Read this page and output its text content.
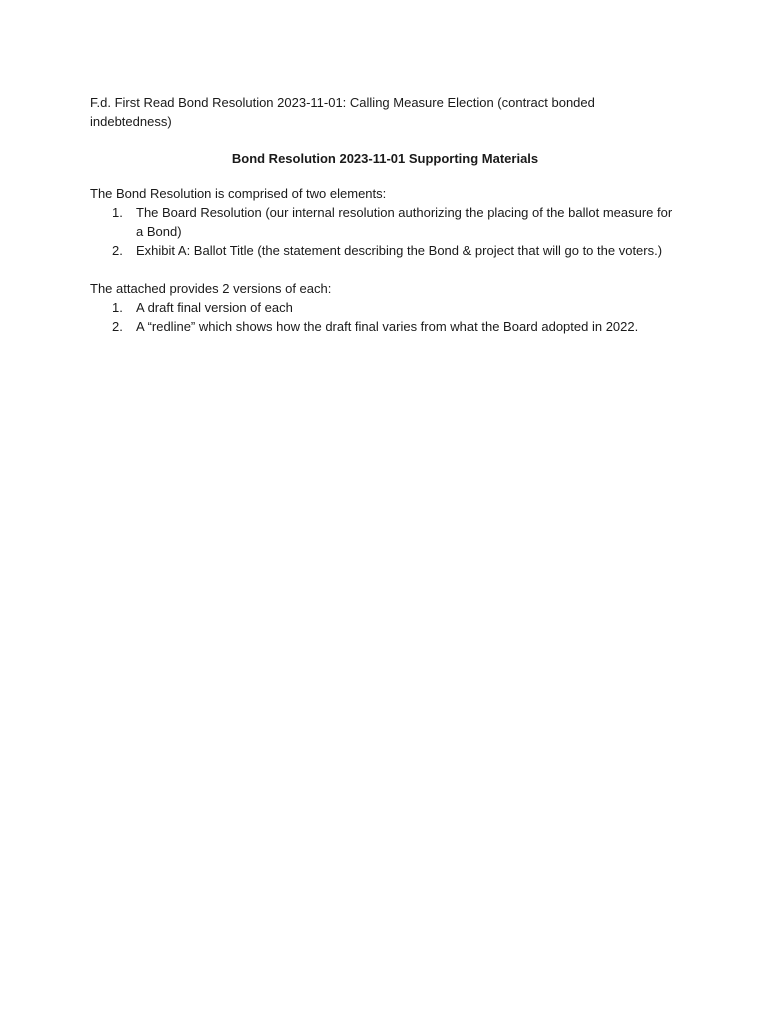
F.d. First Read Bond Resolution 2023-11-01: Calling Measure Election (contract bonded indebtedness)

Bond Resolution 2023-11-01 Supporting Materials

The Bond Resolution is comprised of two elements:

1. The Board Resolution (our internal resolution authorizing the placing of the ballot measure for a Bond)
2. Exhibit A: Ballot Title (the statement describing the Bond & project that will go to the voters.)

The attached provides 2 versions of each:

1. A draft final version of each
2. A “redline” which shows how the draft final varies from what the Board adopted in 2022.
